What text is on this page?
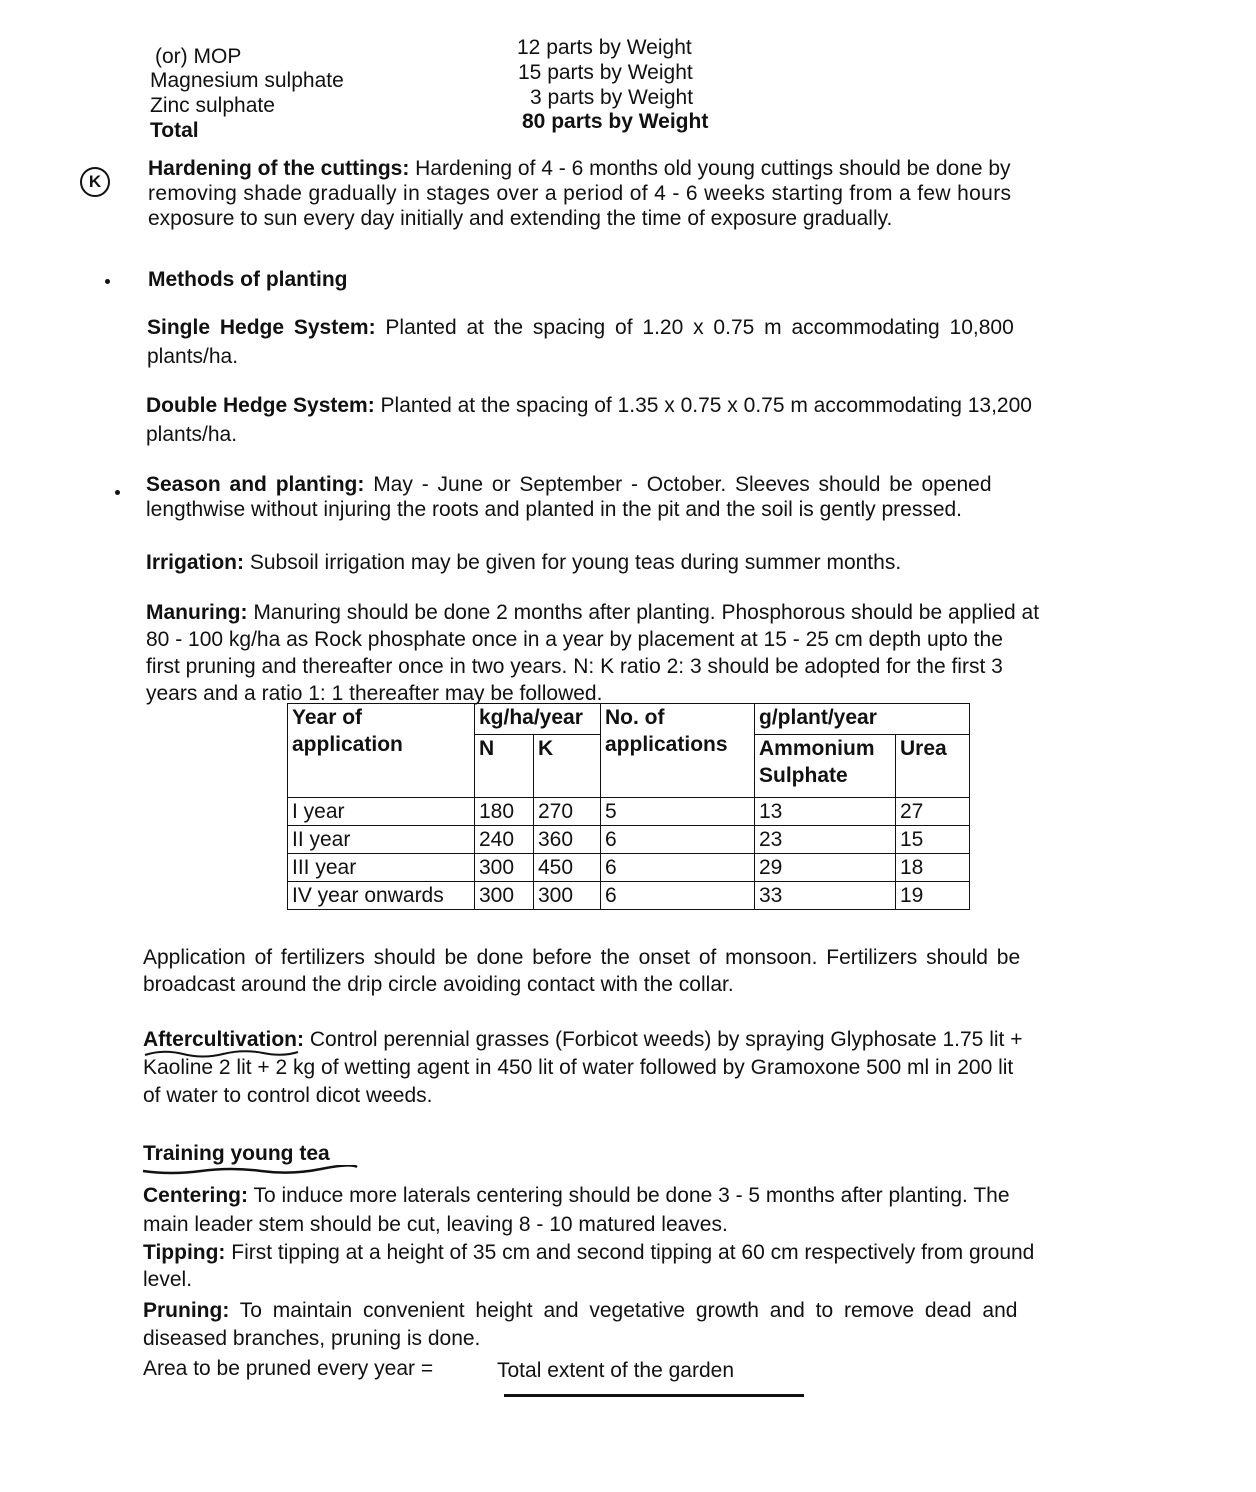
(or) MOP	12 parts by Weight
Magnesium sulphate	15 parts by Weight
Zinc sulphate	3 parts by Weight
Total	80 parts by Weight
K
Hardening of the cuttings: Hardening of 4 - 6 months old young cuttings should be done by
removing shade gradually in stages over a period of 4 - 6 weeks starting from a few hours
exposure to sun every day initially and extending the time of exposure gradually.
Methods of planting
Single Hedge System: Planted at the spacing of 1.20 x 0.75 m accommodating 10,800
plants/ha.
Double Hedge System: Planted at the spacing of 1.35 x 0.75 x 0.75 m accommodating 13,200
plants/ha.
Season and planting: May - June or September - October. Sleeves should be opened
lengthwise without injuring the roots and planted in the pit and the soil is gently pressed.
Irrigation: Subsoil irrigation may be given for young teas during summer months.
Manuring: Manuring should be done 2 months after planting. Phosphorous should be applied at
80 - 100 kg/ha as Rock phosphate once in a year by placement at 15 - 25 cm depth upto the
first pruning and thereafter once in two years. N: K ratio 2: 3 should be adopted for the first 3
years and a ratio 1: 1 thereafter may be followed.
Year of application	kg/ha/year		No. of applications	g/plant/year	
	N	K		Ammonium Sulphate	Urea
I year	180	270	5	13	27
II year	240	360	6	23	15
III year	300	450	6	29	18
IV year onwards	300	300	6	33	19
Application of fertilizers should be done before the onset of monsoon. Fertilizers should be
broadcast around the drip circle avoiding contact with the collar.
Aftercultivation: Control perennial grasses (Forbicot weeds) by spraying Glyphosate 1.75 lit +
Kaoline 2 lit + 2 kg of wetting agent in 450 lit of water followed by Gramoxone 500 ml in 200 lit
of water to control dicot weeds.
Training young tea
Centering: To induce more laterals centering should be done 3 - 5 months after planting. The
main leader stem should be cut, leaving 8 - 10 matured leaves.
Tipping: First tipping at a height of 35 cm and second tipping at 60 cm respectively from ground
level.
Pruning: To maintain convenient height and vegetative growth and to remove dead and
diseased branches, pruning is done.
Area to be pruned every year =	Total extent of the garden
